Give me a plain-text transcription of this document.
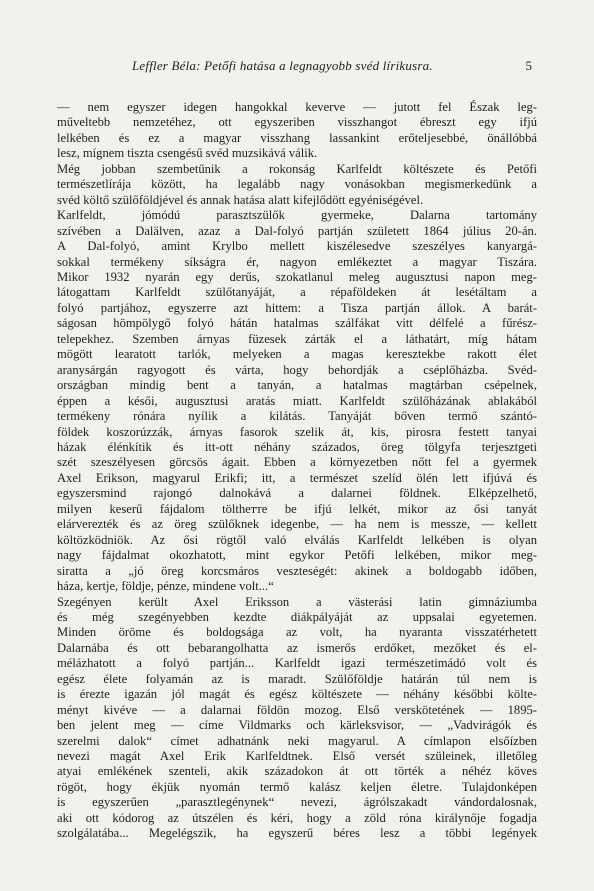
Leffler Béla: Petőfi hatása a legnagyobb svéd lírikusra.	5
— nem egyszer idegen hangokkal keverve — jutott fel Észak leg-
műveltebb nemzetéhez, ott egyszeriben visszhangot ébreszt egy ifjú
lelkében és ez a magyar visszhang lassankint erőteljesebbé, önállóbbá
lesz, mígnem tiszta csengésű svéd muzsikává válik.
Még jobban szembetűnik a rokonság Karlfeldt költészete és Petőfi
természetlírája között, ha legalább nagy vonásokban megismerkedünk a
svéd költő szülőföldjével és annak hatása alatt kifejlődött egyéniségével.
Karlfeldt, jómódú parasztszülők gyermeke, Dalarna tartomány
szívében a Dalälven, azaz a Dal-folyó partján született 1864 július 20-án.
A Dal-folyó, amint Krylbo mellett kiszélesedve szeszélyes kanyargá-
sokkal termékeny síkságra ér, nagyon emlékeztet a magyar Tiszára.
Mikor 1932 nyarán egy derűs, szokatlanul meleg augusztusi napon meg-
látogattam Karlfeldt szülőtanyáját, a répaföldeken át lesétáltam a
folyó partjához, egyszerre azt hittem: a Tisza partján állok. A barát-
ságosan hömpölygő folyó hátán hatalmas szálfákat vitt délfelé a fűrész-
telepekhez. Szemben árnyas füzesek zárták el a láthatárt, míg hátam
mögött learatott tarlók, melyeken a magas keresztekbe rakott élet
aranysárgán ragyogott és várta, hogy behordják a cséplőházba. Svéd-
országban mindig bent a tanyán, a hatalmas magtárban csépelnek,
éppen a késői, augusztusi aratás miatt. Karlfeldt szülőházának ablakából
termékeny rónára nyílik a kilátás. Tanyáját bőven termő szántó-
földek koszorúzzák, árnyas fasorok szelik át, kis, pirosra festett tanyai
házak élénkítik és itt-ott néhány százados, öreg tölgyfa terjesztgeti
szét szeszélyesen görcsös ágait. Ebben a környezetben nőtt fel a gyermek
Axel Erikson, magyarul Erikfi; itt, a természet szelíd ölén lett ifjúvá és
egyszersmind rajongó dalnokává a dalarnei földnek. Elképzelhető,
milyen keserű fájdalom töltheтте be ifjú lelkét, mikor az ősi tanyát
elárverezték és az öreg szülőknek idegenbe, — ha nem is messze, — kellett
költözködniök. Az ősi rögtől való elválás Karlfeldt lelkében is olyan
nagy fájdalmat okozhatott, mint egykor Petőfi lelkében, mikor meg-
siratta a „jó öreg korcsmáros veszteségét: akinek a boldogabb időben,
háza, kertje, földje, pénze, mindene volt...“
Szegényen került Axel Eriksson a västerási latin gimnáziumba
és még szegényebben kezdte diákpályáját az uppsalai egyetemen.
Minden öröme és boldogsága az volt, ha nyaranta visszatérhetett
Dalarnába és ott bebarangolhatta az ismerős erdőket, mezőket és el-
mélázhatott a folyó partján... Karlfeldt igazi természetimádó volt és
egész élete folyamán az is maradt. Szülőföldje határán túl nem is
is érezte igazán jól magát és egész költészete — néhány későbbi költe-
ményt kivéve — a dalarnai földön mozog. Első verskötetének — 1895-
ben jelent meg — címe Vildmarks och kärleksvisor, — „Vadvirágók és
szerelmi dalok“ címet adhatnánk neki magyarul. A címlapon elsőízben
nevezi magát Axel Erik Karlfeldtnek. Első versét szüleinek, illetőleg
atyai emlékének szenteli, akik századokon át ott törték a néhéz köves
rögöt, hogy ékjük nyomán termő kalász keljen életre. Tulajdonképen
is egyszerűen „parasztlegénynek“ nevezi, ágrólszakadt vándordalosnak,
aki ott kódorog az útszélen és kéri, hogy a zöld róna királynője fogadja
szolgálatába... Megelégszik, ha egyszerű béres lesz a többi legények
